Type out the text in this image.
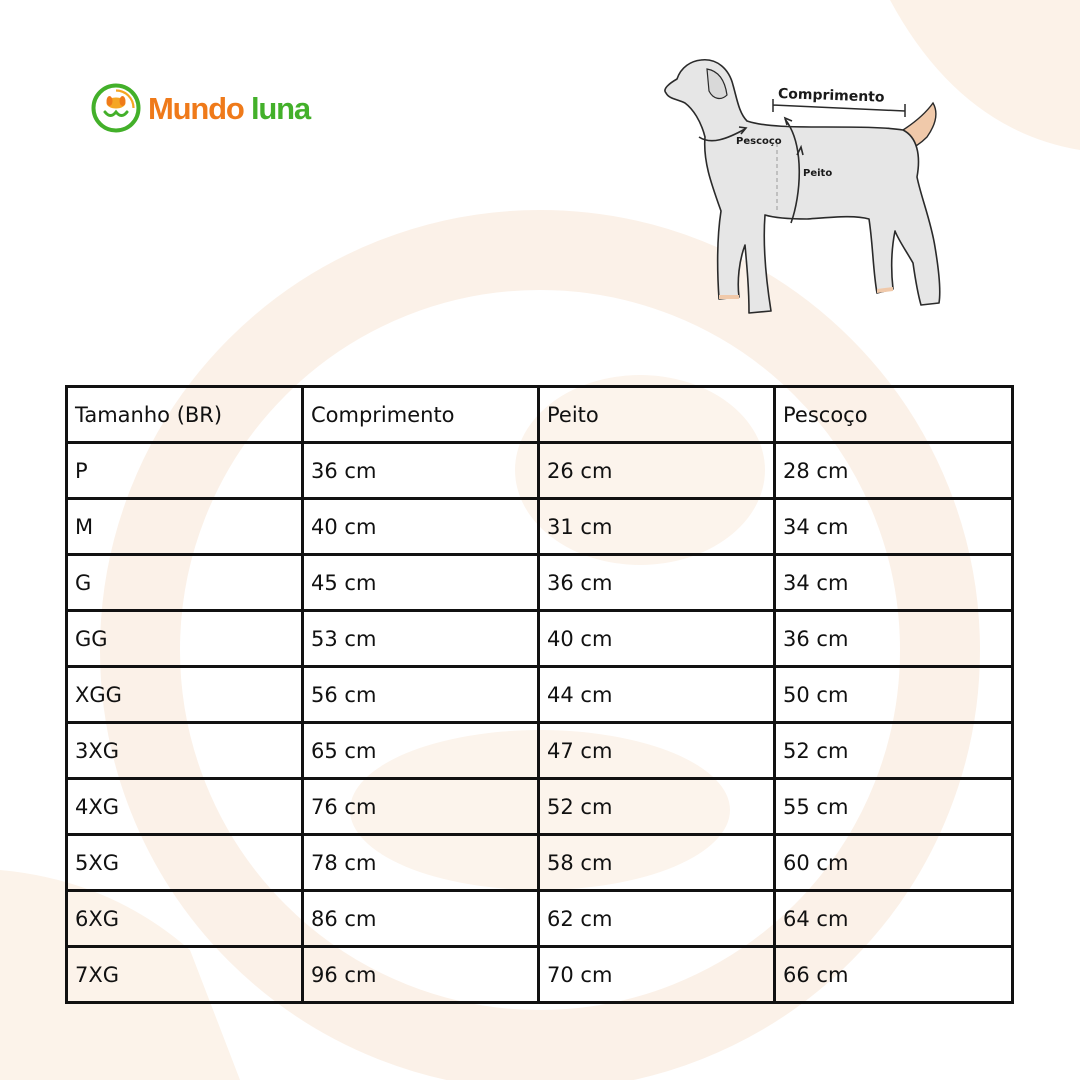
Mundo luna	Comprimento
Pescoço
Peito
Tamanho (BR)	Comprimento	Peito	Pescoço
P	36 cm	26 cm	28 cm
M	40 cm	31 cm	34 cm
G	45 cm	36 cm	34 cm
GG	53 cm	40 cm	36 cm
XGG	56 cm	44 cm	50 cm
3XG	65 cm	47 cm	52 cm
4XG	76 cm	52 cm	55 cm
5XG	78 cm	58 cm	60 cm
6XG	86 cm	62 cm	64 cm
7XG	96 cm	70 cm	66 cm
